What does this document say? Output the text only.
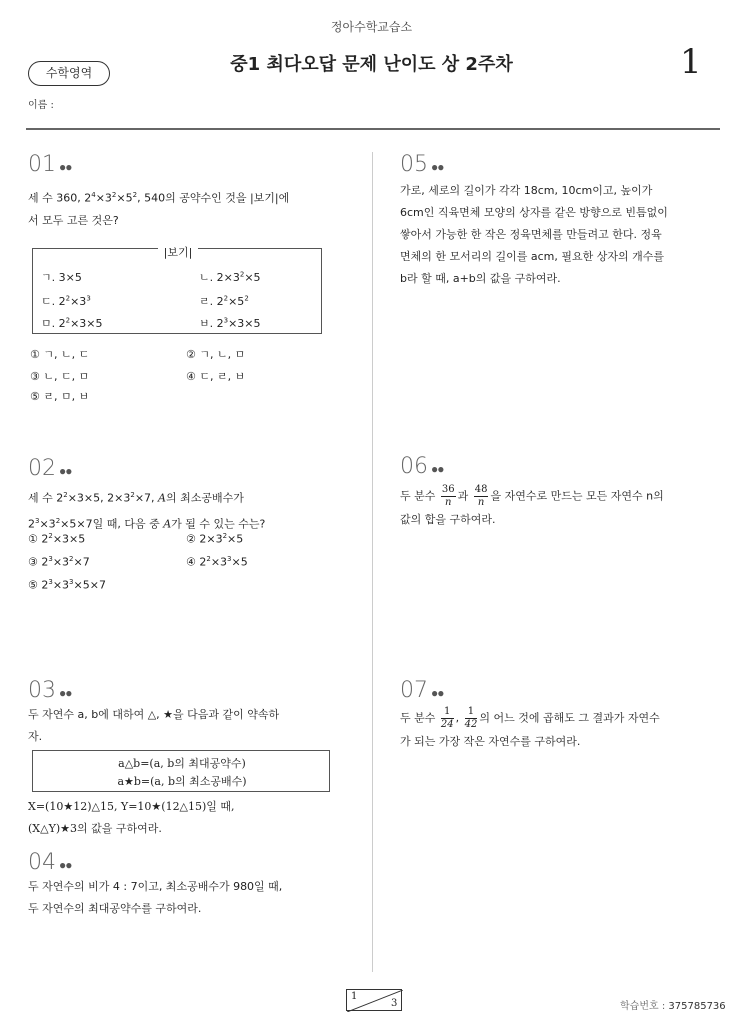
정아수학교습소
수학영역	중1 최다오답 문제 난이도 상 2주차	1
이름 :
01 ●●
세 수 360, $2^4\times 3^2\times 5^2$, 540의 공약수인 것을 |보기|에
서 모두 고른 것은?
|보기|
ㄱ. 3×5	ㄴ. $2\times 3^2\times 5$
ㄷ. $2^2\times 3^3$	ㄹ. $2^2\times 5^2$
ㅁ. $2^2\times 3\times 5$	ㅂ. $2^3\times 3\times 5$
① ㄱ, ㄴ, ㄷ	② ㄱ, ㄴ, ㅁ
③ ㄴ, ㄷ, ㅁ	④ ㄷ, ㄹ, ㅂ
⑤ ㄹ, ㅁ, ㅂ
02 ●●
세 수 $2^2\times 3\times 5$, $2\times 3^2\times 7$, A의 최소공배수가
$2^3\times 3^2\times 5\times 7$일 때, 다음 중 A가 될 수 있는 수는?
① $2^2\times 3\times 5$	② $2\times 3^2\times 5$
③ $2^3\times 3^2\times 7$	④ $2^2\times 3^3\times 5$
⑤ $2^3\times 3^3\times 5\times 7$
03 ●●
두 자연수 a, b에 대하여 △, ★을 다음과 같이 약속하
자.
a△b=(a, b의 최대공약수)
a★b=(a, b의 최소공배수)
X=(10★12)△15, Y=10★(12△15)일 때,
(X△Y)★3의 값을 구하여라.
04 ●●
두 자연수의 비가 4 : 7이고, 최소공배수가 980일 때,
두 자연수의 최대공약수를 구하여라.
05 ●●
가로, 세로의 길이가 각각 18cm, 10cm이고, 높이가
6cm인 직육면체 모양의 상자를 같은 방향으로 빈틈없이
쌓아서 가능한 한 작은 정육면체를 만들려고 한다. 정육
면체의 한 모서리의 길이를 acm, 필요한 상자의 개수를
b라 할 때, a+b의 값을 구하여라.
06 ●●
두 분수 $\frac{36}{n}$ 과 $\frac{48}{n}$ 을 자연수로 만드는 모든 자연수 n의
값의 합을 구하여라.
07 ●●
두 분수 $\frac{1}{24}$ , $\frac{1}{42}$ 의 어느 것에 곱해도 그 결과가 자연수
가 되는 가장 작은 자연수를 구하여라.
1
3	학습번호 : 375785736
